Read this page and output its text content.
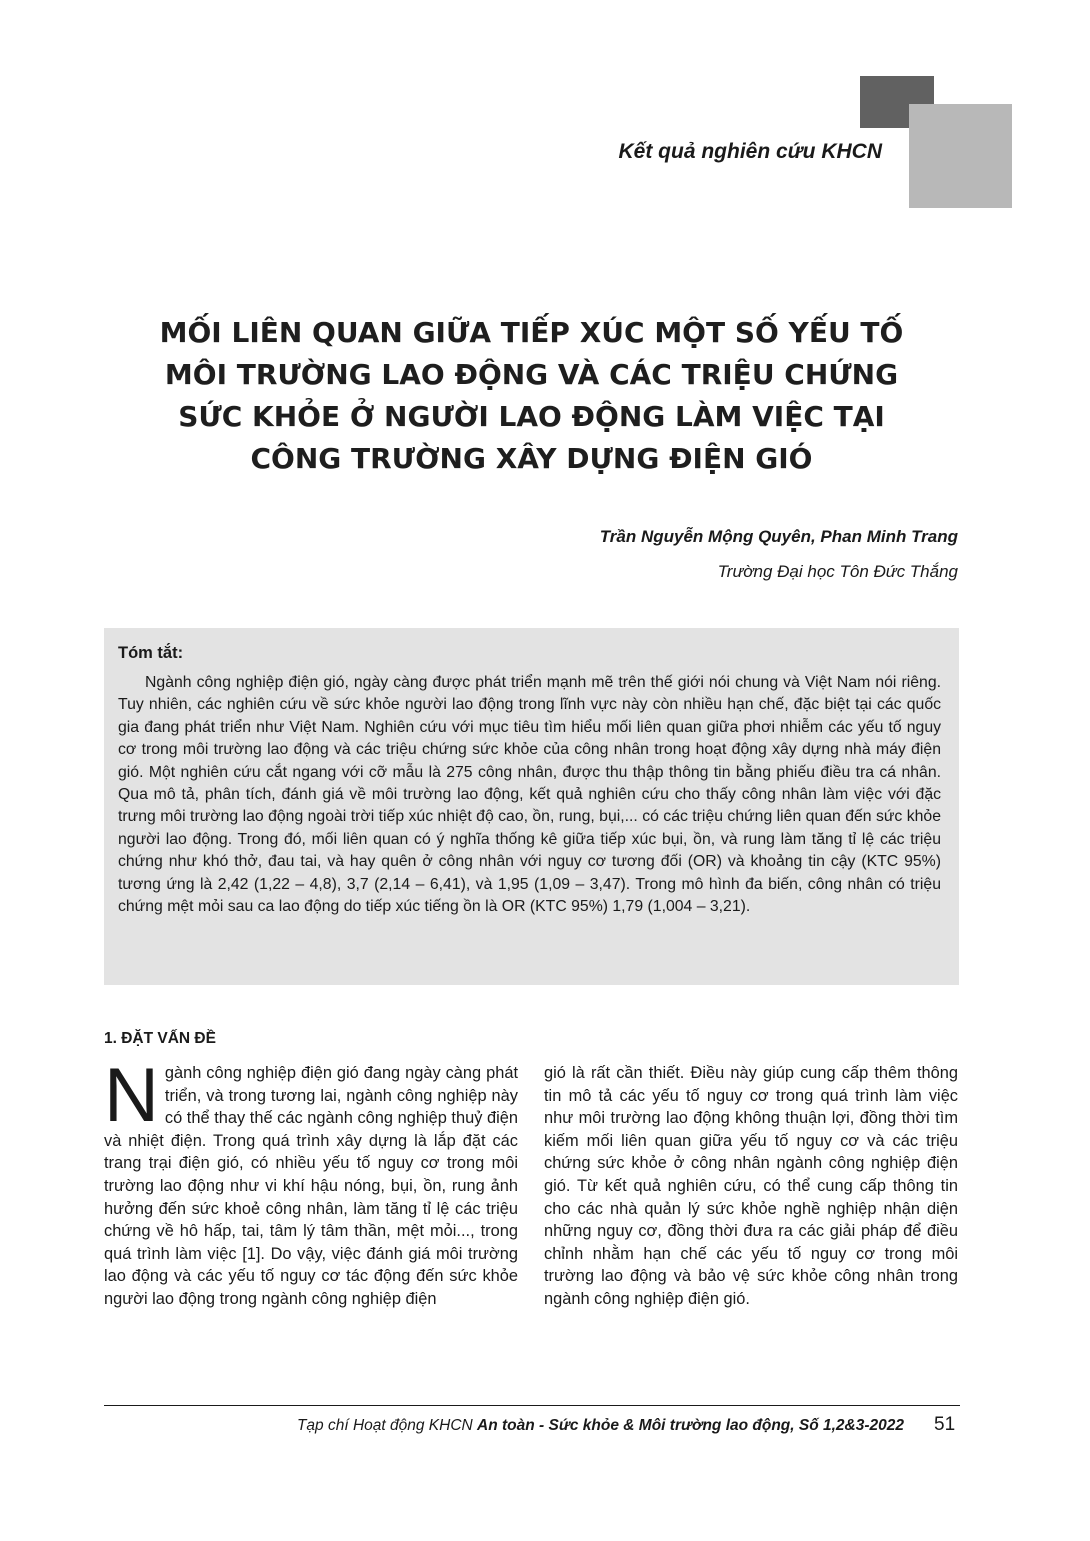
Kết quả nghiên cứu KHCN
MỐI LIÊN QUAN GIỮA TIẾP XÚC MỘT SỐ YẾU TỐ
MÔI TRƯỜNG LAO ĐỘNG VÀ CÁC TRIỆU CHỨNG
SỨC KHỎE Ở NGƯỜI LAO ĐỘNG LÀM VIỆC TẠI
CÔNG TRƯỜNG XÂY DỰNG ĐIỆN GIÓ
Trần Nguyễn Mộng Quyên, Phan Minh Trang
Trường Đại học Tôn Đức Thắng
Tóm tắt:

Ngành công nghiệp điện gió, ngày càng được phát triển mạnh mẽ trên thế giới nói chung và Việt Nam nói riêng. Tuy nhiên, các nghiên cứu về sức khỏe người lao động trong lĩnh vực này còn nhiều hạn chế, đặc biệt tại các quốc gia đang phát triển như Việt Nam. Nghiên cứu với mục tiêu tìm hiểu mối liên quan giữa phơi nhiễm các yếu tố nguy cơ trong môi trường lao động và các triệu chứng sức khỏe của công nhân trong hoạt động xây dựng nhà máy điện gió. Một nghiên cứu cắt ngang với cỡ mẫu là 275 công nhân, được thu thập thông tin bằng phiếu điều tra cá nhân. Qua mô tả, phân tích, đánh giá về môi trường lao động, kết quả nghiên cứu cho thấy công nhân làm việc với đặc trưng môi trường lao động ngoài trời tiếp xúc nhiệt độ cao, ồn, rung, bụi,... có các triệu chứng liên quan đến sức khỏe người lao động. Trong đó, mối liên quan có ý nghĩa thống kê giữa tiếp xúc bụi, ồn, và rung làm tăng tỉ lệ các triệu chứng như khó thở, đau tai, và hay quên ở công nhân với nguy cơ tương đối (OR) và khoảng tin cậy (KTC 95%) tương ứng là 2,42 (1,22 – 4,8), 3,7 (2,14 – 6,41), và 1,95 (1,09 – 3,47). Trong mô hình đa biến, công nhân có triệu chứng mệt mỏi sau ca lao động do tiếp xúc tiếng ồn là OR (KTC 95%) 1,79 (1,004 – 3,21).

1. ĐẶT VẤN ĐỀ
Ngành công nghiệp điện gió đang ngày càng phát triển, và trong tương lai, ngành công nghiệp này có thể thay thế các ngành công nghiệp thuỷ điện và nhiệt điện. Trong quá trình xây dựng là lắp đặt các trang trại điện gió, có nhiều yếu tố nguy cơ trong môi trường lao động như vi khí hậu nóng, bụi, ồn, rung ảnh hưởng đến sức khoẻ công nhân, làm tăng tỉ lệ các triệu chứng về hô hấp, tai, tâm lý tâm thần, mệt mỏi..., trong quá trình làm việc [1]. Do vậy, việc đánh giá môi trường lao động và các yếu tố nguy cơ tác động đến sức khỏe người lao động trong ngành công nghiệp điện
gió là rất cần thiết. Điều này giúp cung cấp thêm thông tin mô tả các yếu tố nguy cơ trong quá trình làm việc như môi trường lao động không thuận lợi, đồng thời tìm kiếm mối liên quan giữa yếu tố nguy cơ và các triệu chứng sức khỏe ở công nhân ngành công nghiệp điện gió. Từ kết quả nghiên cứu, có thể cung cấp thông tin cho các nhà quản lý sức khỏe nghề nghiệp nhận diện những nguy cơ, đồng thời đưa ra các giải pháp để điều chỉnh nhằm hạn chế các yếu tố nguy cơ trong môi trường lao động và bảo vệ sức khỏe công nhân trong ngành công nghiệp điện gió.
Tạp chí Hoạt động KHCN An toàn - Sức khỏe & Môi trường lao động, Số 1,2&3-2022 51
